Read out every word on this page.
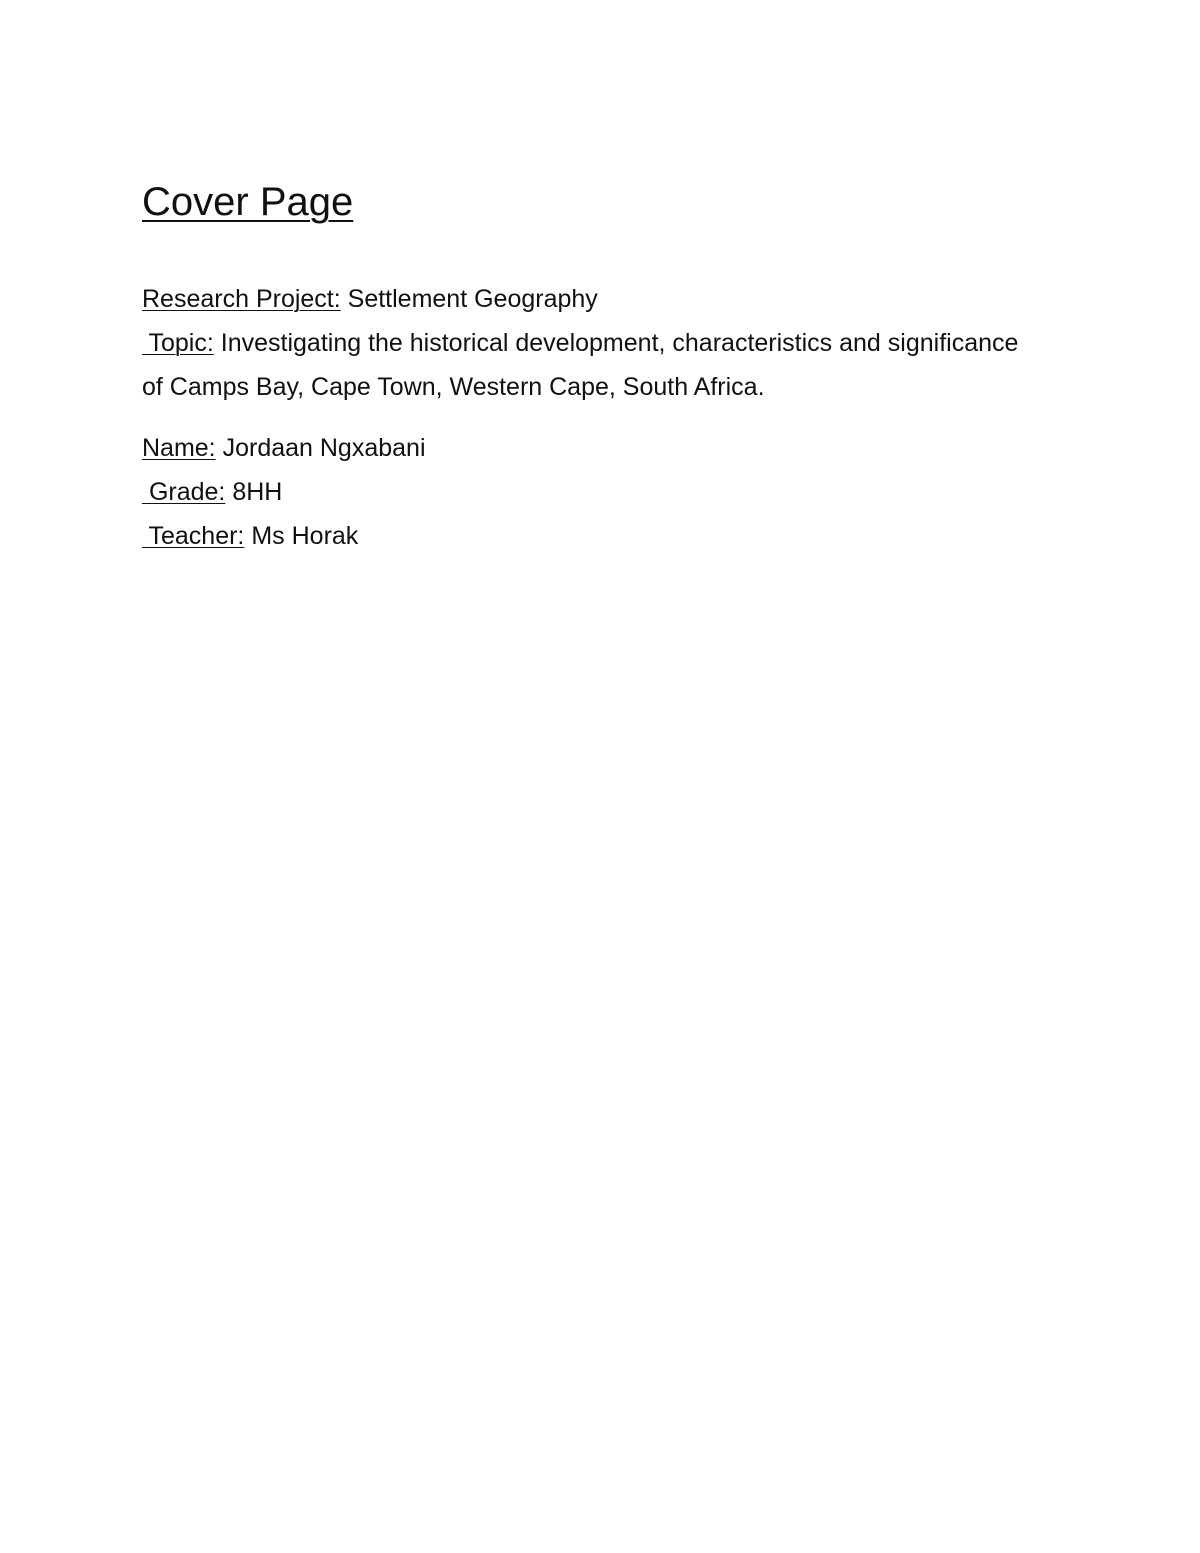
Cover Page
Research Project: Settlement Geography
Topic: Investigating the historical development, characteristics and significance of Camps Bay, Cape Town, Western Cape, South Africa.
Name: Jordaan Ngxabani
Grade: 8HH
Teacher: Ms Horak
